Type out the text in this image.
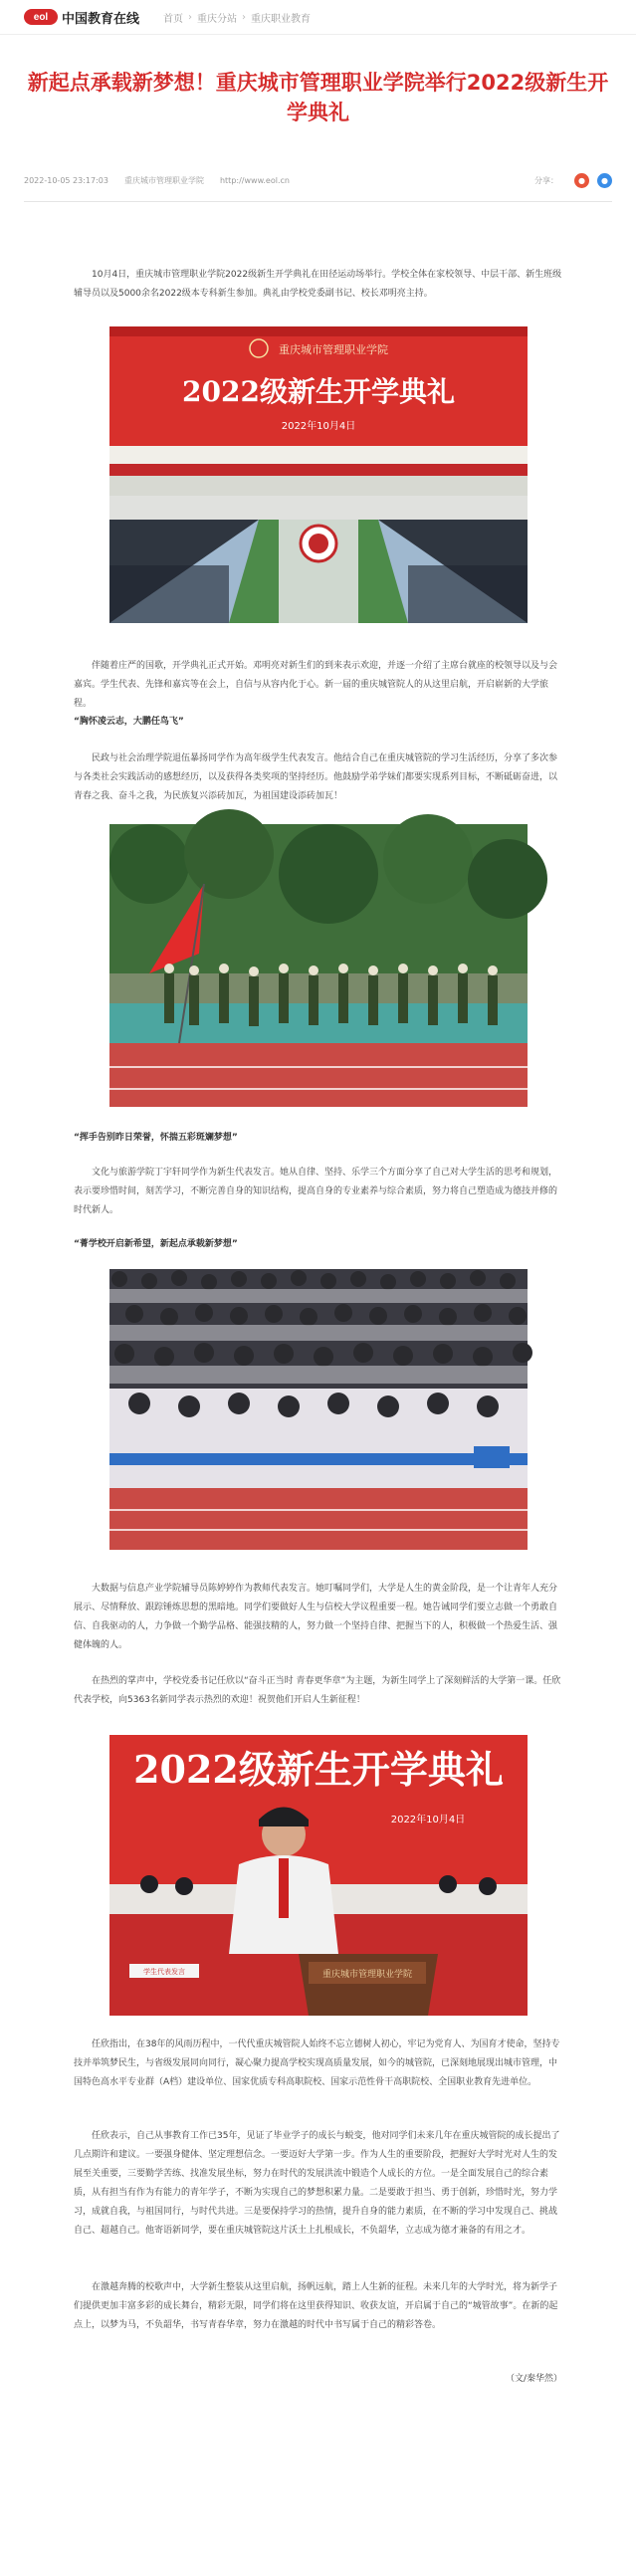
eol	中国教育在线 首页 › 重庆分站 › 重庆职业教育
新起点承载新梦想！重庆城市管理职业学院举行2022级新生开学典礼
2022-10-05 23:17:03 重庆城市管理职业学院 http://www.eol.cn	分享：	●	●
10月4日，重庆城市管理职业学院2022级新生开学典礼在田径运动场举行。学校全体在家校领导、中层干部、新生班级辅导员以及5000余名2022级本专科新生参加。典礼由学校党委副书记、校长邓明亮主持。
重庆城市管理职业学院
2022级新生开学典礼
2022年10月4日
伴随着庄严的国歌，开学典礼正式开始。邓明亮对新生们的到来表示欢迎，并逐一介绍了主席台就座的校领导以及与会嘉宾。学生代表、先锋和嘉宾等在会上，自信与从容内化于心。新一届的重庆城管院人的从这里启航，开启崭新的大学旅程。
“胸怀凌云志，大鹏任鸟飞”
民政与社会治理学院退伍暴扬同学作为高年级学生代表发言。他结合自己在重庆城管院的学习生活经历，分享了多次参与各类社会实践活动的感想经历，以及获得各类奖项的坚持经历。他鼓励学弟学妹们都要实现系列目标，不断砥砺奋进，以青春之我、奋斗之我，为民族复兴添砖加瓦，为祖国建设添砖加瓦！
“挥手告别昨日荣誉，怀揣五彩斑斓梦想”
文化与旅游学院丁宇轩同学作为新生代表发言。她从自律、坚持、乐学三个方面分享了自己对大学生活的思考和规划，表示要珍惜时间，刻苦学习，不断完善自身的知识结构，提高自身的专业素养与综合素质，努力将自己塑造成为德技并修的时代新人。
“菁学校开启新希望，新起点承载新梦想”
大数据与信息产业学院辅导员陈婷婷作为教师代表发言。她叮嘱同学们，大学是人生的黄金阶段，是一个让青年人充分展示、尽情释放、跟踪锤炼思想的黑暗地。同学们要做好人生与信校大学议程重要一程。她告诫同学们要立志做一个勇敢自信、自我驱动的人，力争做一个勤学品格、能强技精的人，努力做一个坚持自律、把握当下的人，积极做一个热爱生活、强健体魄的人。
在热烈的掌声中，学校党委书记任欣以“奋斗正当时 青春更华章”为主题，为新生同学上了深刻鲜活的大学第一课。任欣代表学校，向5363名新同学表示热烈的欢迎！祝贺他们开启人生新征程！
2022级新生开学典礼
2022年10月4日
重庆城市管理职业学院
学生代表发言
任欣指出，在38年的风雨历程中，一代代重庆城管院人始终不忘立德树人初心，牢记为党育人、为国育才使命，坚持专技并举筑梦民生，与省级发展同向同行，凝心聚力提高学校实现高质量发展，如今的城管院，已深刻地展现出城市管理，中国特色高水平专业群（A档）建设单位、国家优质专科高职院校、国家示范性骨干高职院校、全国职业教育先进单位。
任欣表示，自己从事教育工作已35年，见证了毕业学子的成长与蜕变，他对同学们未来几年在重庆城管院的成长提出了几点期许和建议。一要强身健体、坚定理想信念。一要迈好大学第一步。作为人生的重要阶段，把握好大学时光对人生的发展至关重要，三要勤学苦练、找准发展坐标，努力在时代的发展洪流中锻造个人成长的方位。一是全面发展自己的综合素质，从有担当有作为有能力的青年学子，不断为实现自己的梦想积累力量。二是要敢于担当、勇于创新，珍惜时光，努力学习，成就自我，与祖国同行，与时代共进。三是要保持学习的热情，提升自身的能力素质，在不断的学习中发现自己、挑战自己、超越自己。他寄语新同学，要在重庆城管院这片沃土上扎根成长，不负韶华，立志成为德才兼备的有用之才。
在激越奔腾的校歌声中，大学新生整装从这里启航，扬帆远航，踏上人生新的征程。未来几年的大学时光，将为新学子们提供更加丰富多彩的成长舞台，精彩无限，同学们将在这里获得知识、收获友谊，开启属于自己的“城管故事”。在新的起点上，以梦为马，不负韶华，书写青春华章，努力在激越的时代中书写属于自己的精彩答卷。
（文/秦华然）
